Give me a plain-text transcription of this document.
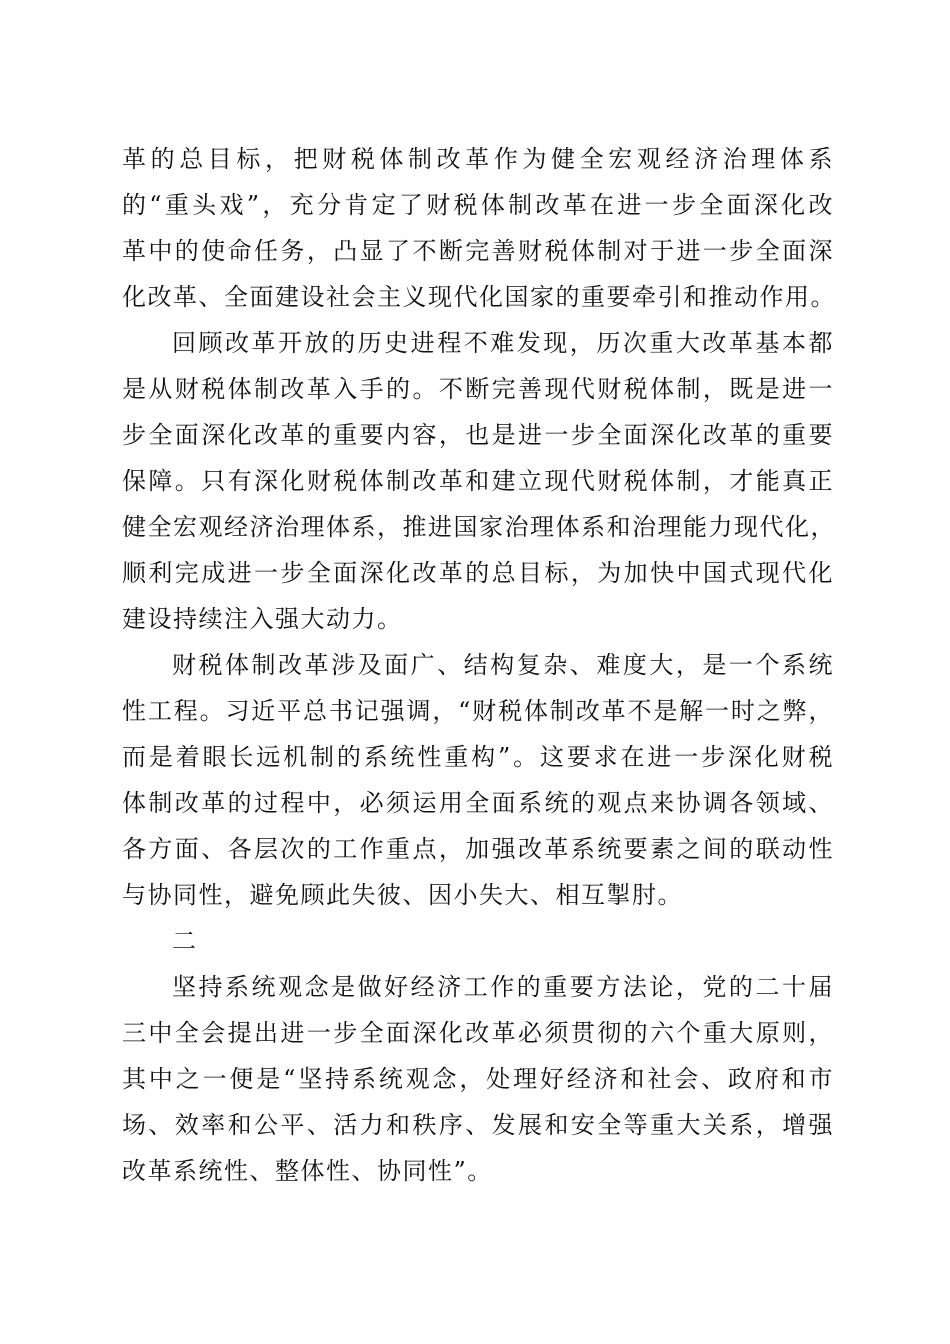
革的总目标，把财税体制改革作为健全宏观经济治理体系
的“重头戏”，充分肯定了财税体制改革在进一步全面深化改
革中的使命任务，凸显了不断完善财税体制对于进一步全面深
化改革、全面建设社会主义现代化国家的重要牵引和推动作用。
回顾改革开放的历史进程不难发现，历次重大改革基本都
是从财税体制改革入手的。不断完善现代财税体制，既是进一
步全面深化改革的重要内容，也是进一步全面深化改革的重要
保障。只有深化财税体制改革和建立现代财税体制，才能真正
健全宏观经济治理体系，推进国家治理体系和治理能力现代化，
顺利完成进一步全面深化改革的总目标，为加快中国式现代化
建设持续注入强大动力。
财税体制改革涉及面广、结构复杂、难度大，是一个系统
性工程。习近平总书记强调，“财税体制改革不是解一时之弊，
而是着眼长远机制的系统性重构”。这要求在进一步深化财税
体制改革的过程中，必须运用全面系统的观点来协调各领域、
各方面、各层次的工作重点，加强改革系统要素之间的联动性
与协同性，避免顾此失彼、因小失大、相互掣肘。
二
坚持系统观念是做好经济工作的重要方法论，党的二十届
三中全会提出进一步全面深化改革必须贯彻的六个重大原则，
其中之一便是“坚持系统观念，处理好经济和社会、政府和市
场、效率和公平、活力和秩序、发展和安全等重大关系，增强
改革系统性、整体性、协同性”。
